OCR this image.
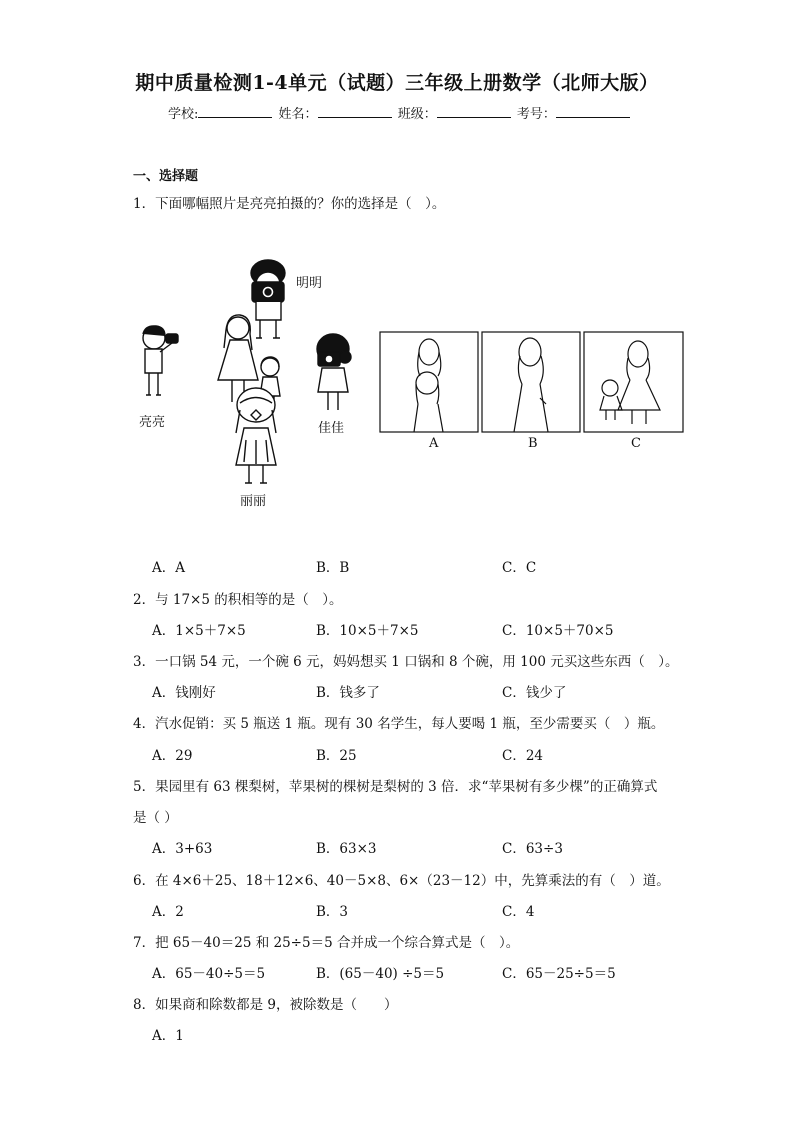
期中质量检测1-4单元（试题）三年级上册数学（北师大版）
学校:	姓名：	班级：	考号：
一、选择题
1．下面哪幅照片是亮亮拍摄的？你的选择是（　）。
明明
亮亮	佳佳
丽丽
A	B	C
A．A	B．B	C．C
2．与 17×5 的积相等的是（　）。
A．1×5＋7×5	B．10×5＋7×5	C．10×5＋70×5
3．一口锅 54 元，一个碗 6 元，妈妈想买 1 口锅和 8 个碗，用 100 元买这些东西（　）。
A．钱刚好	B．钱多了	C．钱少了
4．汽水促销：买 5 瓶送 1 瓶。现有 30 名学生，每人要喝 1 瓶，至少需要买（　）瓶。
A．29	B．25	C．24
5．果园里有 63 棵梨树，苹果树的棵树是梨树的 3 倍．求“苹果树有多少棵”的正确算式
是（ ）
A．3+63	B．63×3	C．63÷3
6．在 4×6＋25、18＋12×6、40－5×8、6×（23－12）中，先算乘法的有（　）道。
A．2	B．3	C．4
7．把 65－40＝25 和 25÷5＝5 合并成一个综合算式是（　）。
A．65－40÷5＝5	B．(65－40) ÷5＝5	C．65－25÷5＝5
8．如果商和除数都是 9，被除数是（　　）
A．1
